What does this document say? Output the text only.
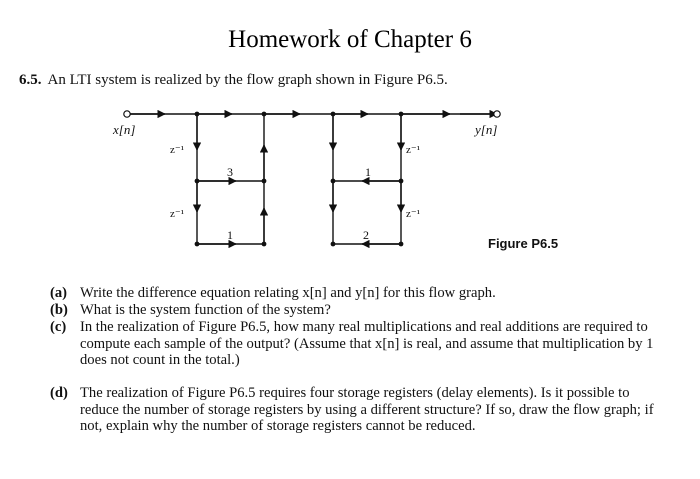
Homework of Chapter 6
6.5. An LTI system is realized by the flow graph shown in Figure P6.5.
x[n]	y[n]
z⁻¹
z⁻¹
z⁻¹
z⁻¹
3
1
1
2
Figure P6.5
(a) Write the difference equation relating x[n] and y[n] for this flow graph.
(b) What is the system function of the system?
(c) In the realization of Figure P6.5, how many real multiplications and real additions are required to compute each sample of the output? (Assume that x[n] is real, and assume that multiplication by 1 does not count in the total.)
(d) The realization of Figure P6.5 requires four storage registers (delay elements). Is it possible to reduce the number of storage registers by using a different structure? If so, draw the flow graph; if not, explain why the number of storage registers cannot be reduced.
